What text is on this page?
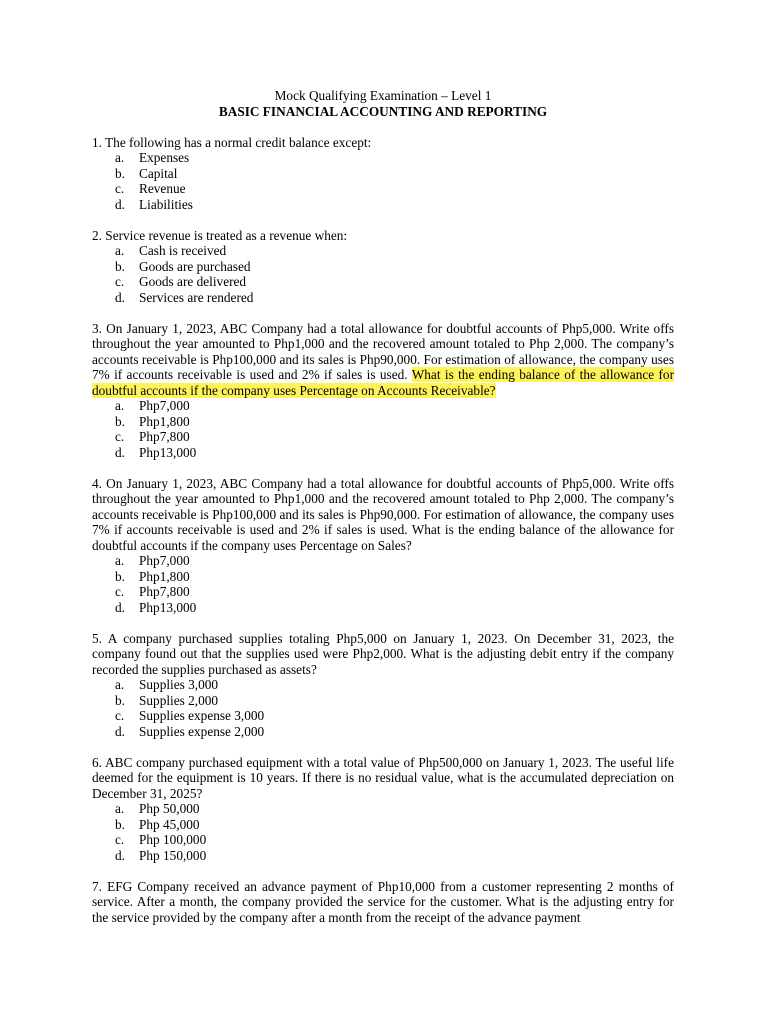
Mock Qualifying Examination – Level 1
BASIC FINANCIAL ACCOUNTING AND REPORTING
1. The following has a normal credit balance except:
a. Expenses
b. Capital
c. Revenue
d. Liabilities
2. Service revenue is treated as a revenue when:
a. Cash is received
b. Goods are purchased
c. Goods are delivered
d. Services are rendered
3. On January 1, 2023, ABC Company had a total allowance for doubtful accounts of Php5,000. Write offs throughout the year amounted to Php1,000 and the recovered amount totaled to Php 2,000. The company’s accounts receivable is Php100,000 and its sales is Php90,000. For estimation of allowance, the company uses 7% if accounts receivable is used and 2% if sales is used. What is the ending balance of the allowance for doubtful accounts if the company uses Percentage on Accounts Receivable?
a. Php7,000
b. Php1,800
c. Php7,800
d. Php13,000
4. On January 1, 2023, ABC Company had a total allowance for doubtful accounts of Php5,000. Write offs throughout the year amounted to Php1,000 and the recovered amount totaled to Php 2,000. The company’s accounts receivable is Php100,000 and its sales is Php90,000. For estimation of allowance, the company uses 7% if accounts receivable is used and 2% if sales is used. What is the ending balance of the allowance for doubtful accounts if the company uses Percentage on Sales?
a. Php7,000
b. Php1,800
c. Php7,800
d. Php13,000
5. A company purchased supplies totaling Php5,000 on January 1, 2023. On December 31, 2023, the company found out that the supplies used were Php2,000. What is the adjusting debit entry if the company recorded the supplies purchased as assets?
a. Supplies 3,000
b. Supplies 2,000
c. Supplies expense 3,000
d. Supplies expense 2,000
6. ABC company purchased equipment with a total value of Php500,000 on January 1, 2023. The useful life deemed for the equipment is 10 years. If there is no residual value, what is the accumulated depreciation on December 31, 2025?
a. Php 50,000
b. Php 45,000
c. Php 100,000
d. Php 150,000
7. EFG Company received an advance payment of Php10,000 from a customer representing 2 months of service. After a month, the company provided the service for the customer. What is the adjusting entry for the service provided by the company after a month from the receipt of the advance payment
